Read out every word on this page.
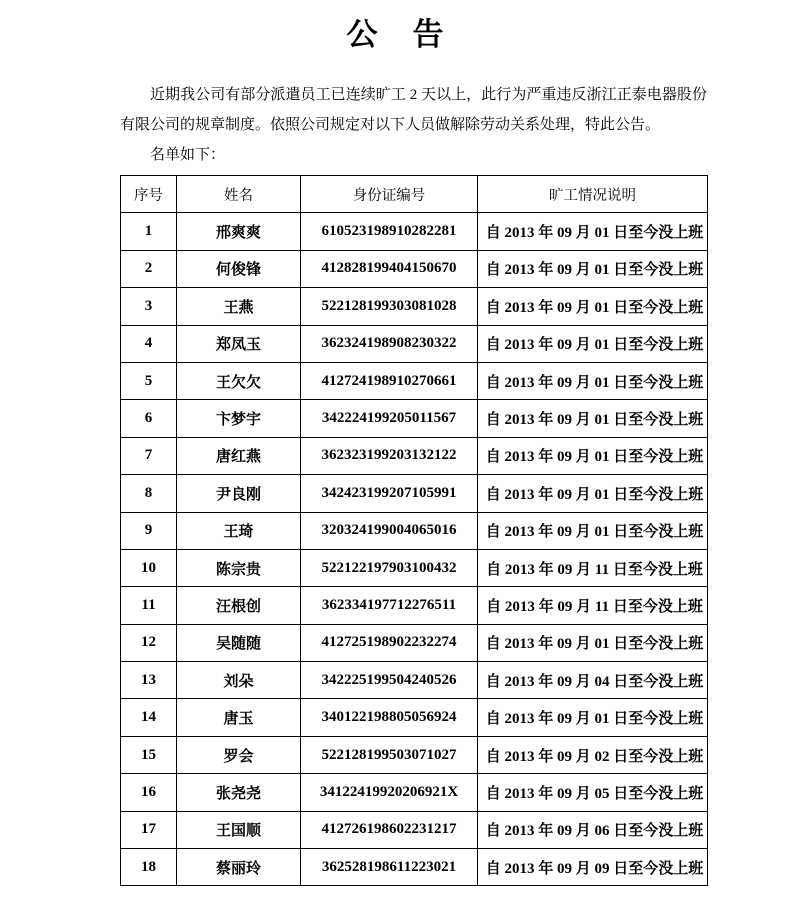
公　告

近期我公司有部分派遣员工已连续旷工 2 天以上，此行为严重违反浙江正泰电器股份有限公司的规章制度。依照公司规定对以下人员做解除劳动关系处理，特此公告。

名单如下：

序号	姓名	身份证编号	旷工情况说明
1	邢爽爽	610523198910282281	自 2013 年 09 月 01 日至今没上班
2	何俊锋	412828199404150670	自 2013 年 09 月 01 日至今没上班
3	王燕	522128199303081028	自 2013 年 09 月 01 日至今没上班
4	郑凤玉	362324198908230322	自 2013 年 09 月 01 日至今没上班
5	王欠欠	412724198910270661	自 2013 年 09 月 01 日至今没上班
6	卞梦宇	342224199205011567	自 2013 年 09 月 01 日至今没上班
7	唐红燕	362323199203132122	自 2013 年 09 月 01 日至今没上班
8	尹良刚	342423199207105991	自 2013 年 09 月 01 日至今没上班
9	王琦	320324199004065016	自 2013 年 09 月 01 日至今没上班
10	陈宗贵	522122197903100432	自 2013 年 09 月 11 日至今没上班
11	汪根创	362334197712276511	自 2013 年 09 月 11 日至今没上班
12	吴随随	412725198902232274	自 2013 年 09 月 01 日至今没上班
13	刘朵	342225199504240526	自 2013 年 09 月 04 日至今没上班
14	唐玉	340122198805056924	自 2013 年 09 月 01 日至今没上班
15	罗会	522128199503071027	自 2013 年 09 月 02 日至今没上班
16	张尧尧	34122419920206921X	自 2013 年 09 月 05 日至今没上班
17	王国顺	412726198602231217	自 2013 年 09 月 06 日至今没上班
18	蔡丽玲	362528198611223021	自 2013 年 09 月 09 日至今没上班
